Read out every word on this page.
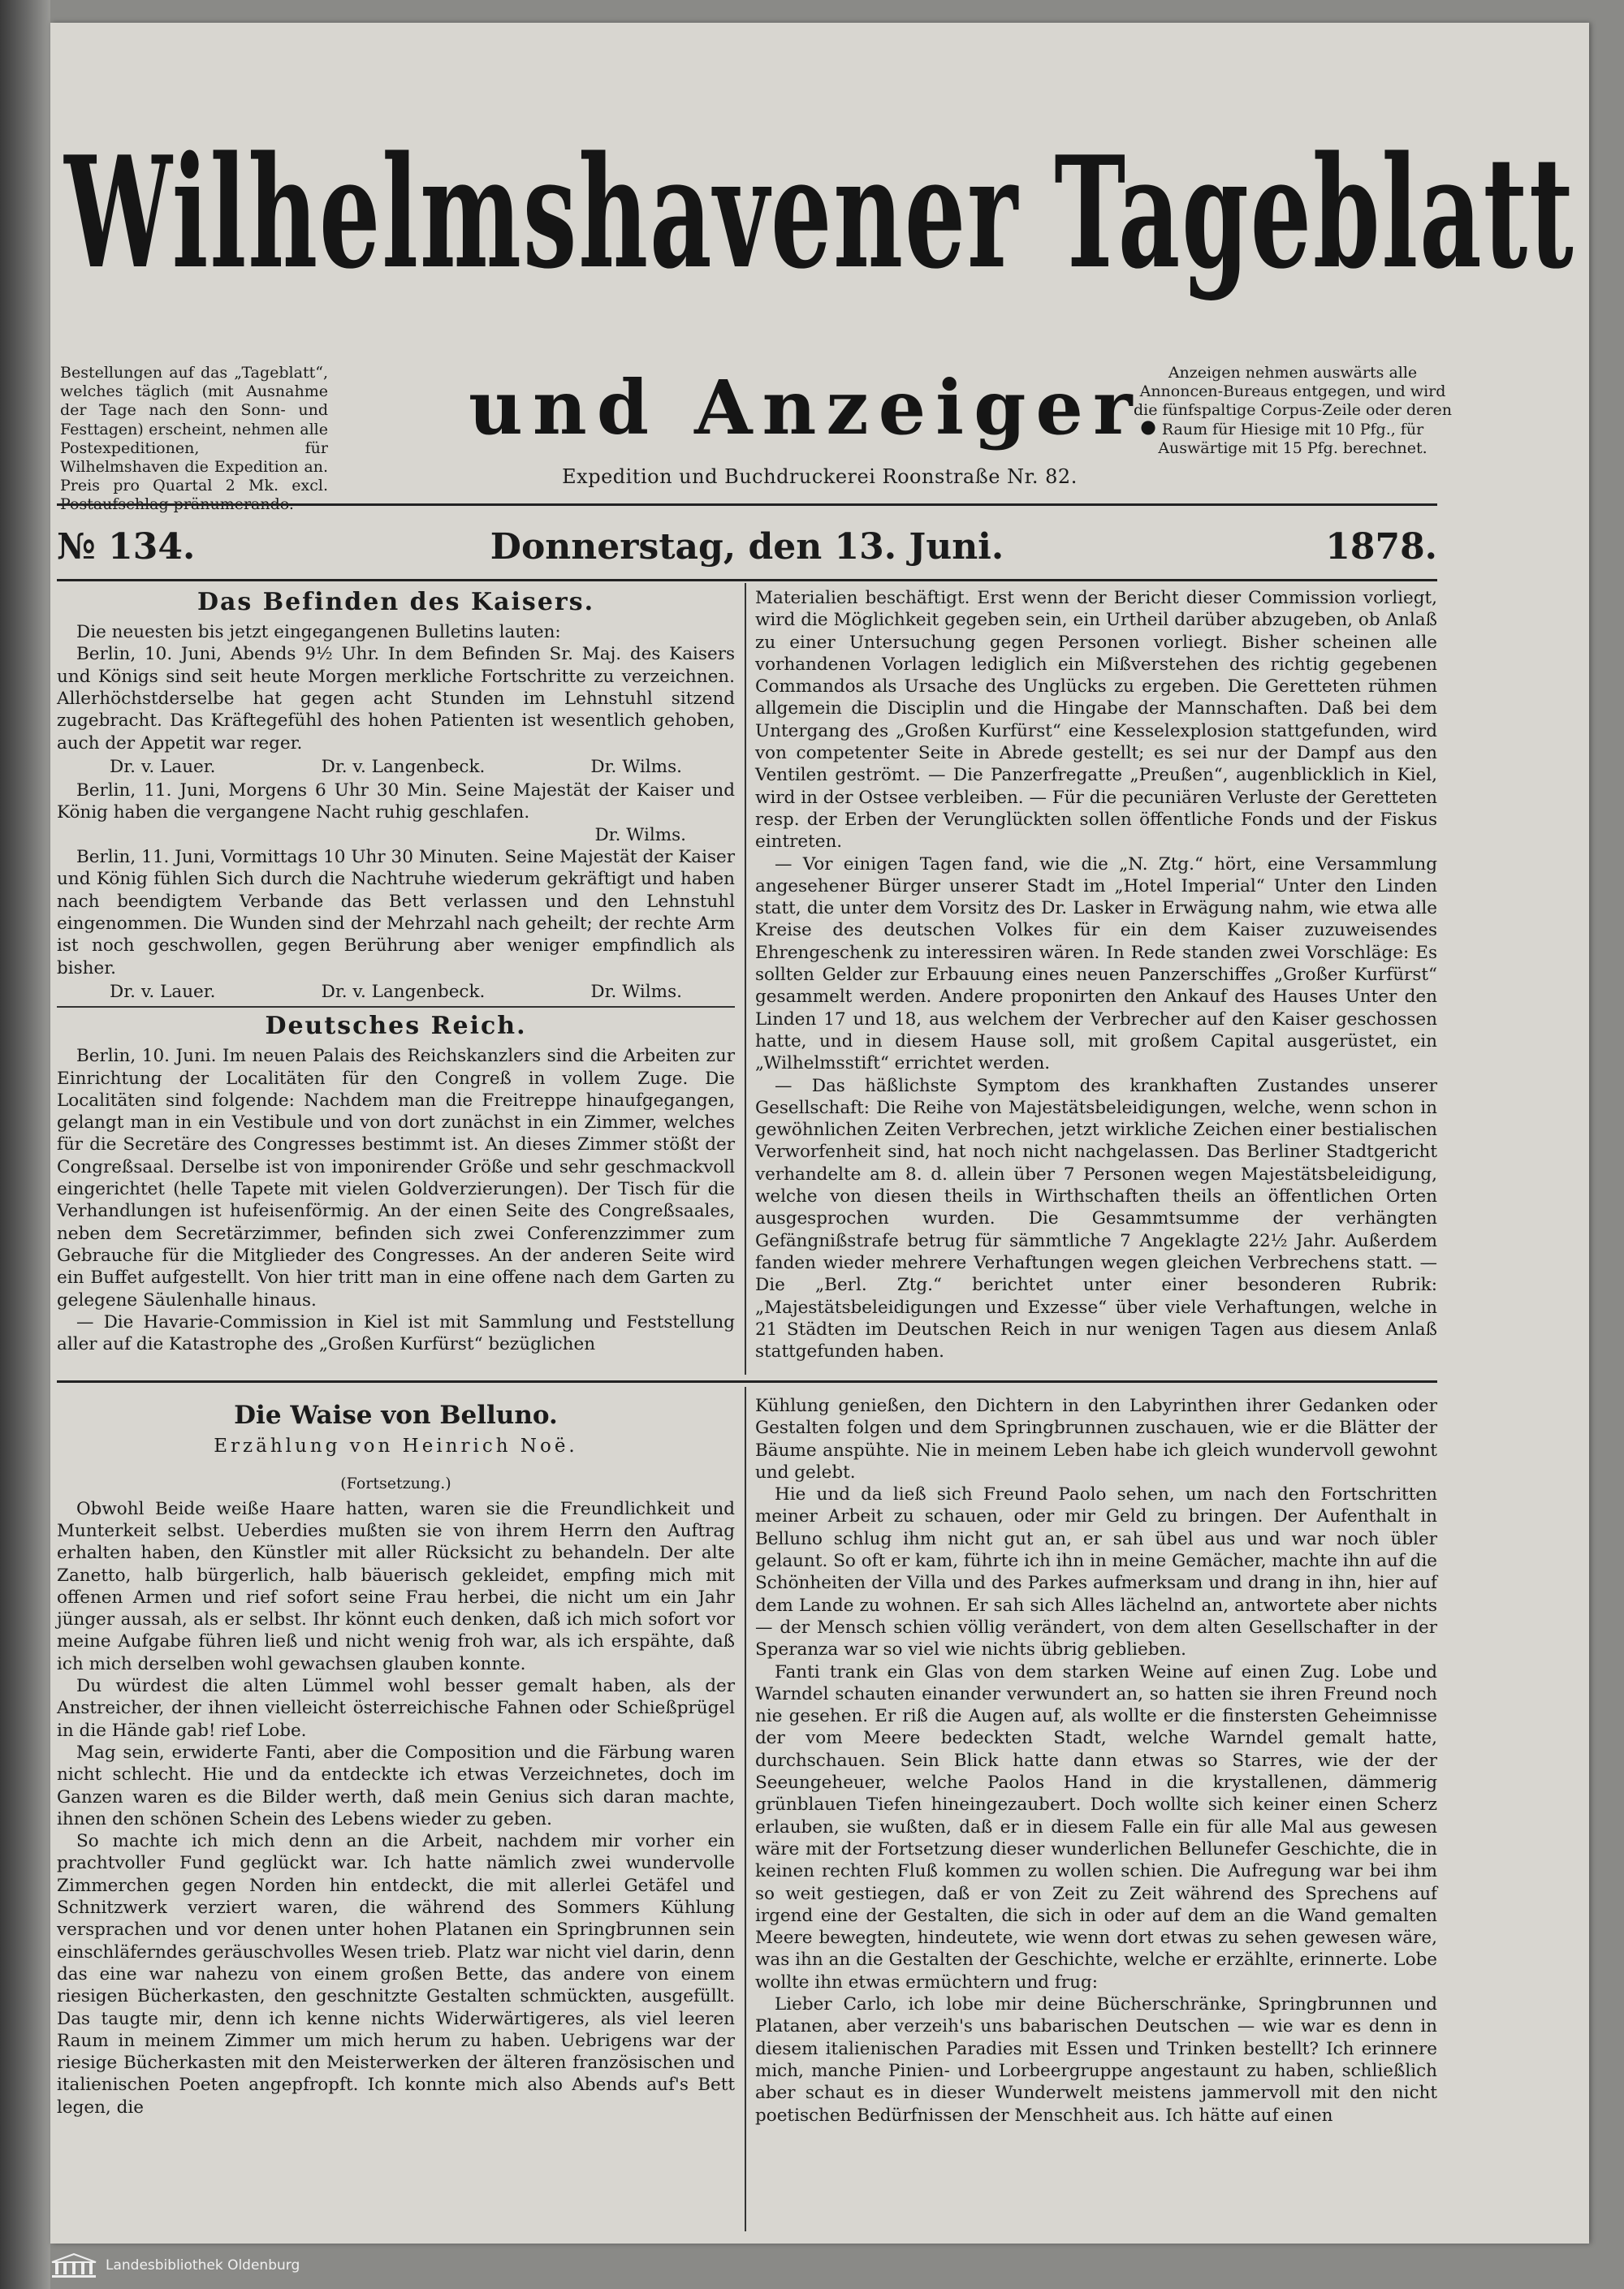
Wilhelmshavener Tageblatt
und Anzeiger.
Expedition und Buchdruckerei Roonstraße Nr. 82.
Bestellungen auf das „Tageblatt“, welches täglich (mit Ausnahme der Tage nach den Sonn- und Festtagen) erscheint, nehmen alle Postexpeditionen, für Wilhelmshaven die Expedition an. Preis pro Quartal 2 Mk. excl. Postaufschlag pränumerando.
Anzeigen nehmen auswärts alle Annoncen-Bureaus entgegen, und wird die fünfspaltige Corpus-Zeile oder deren Raum für Hiesige mit 10 Pfg., für Auswärtige mit 15 Pfg. berechnet.
№ 134.	Donnerstag, den 13. Juni.	1878.
Das Befinden des Kaisers.

Die neuesten bis jetzt eingegangenen Bulletins lauten:

Berlin, 10. Juni, Abends 9½ Uhr. In dem Befinden Sr. Maj. des Kaisers und Königs sind seit heute Morgen merkliche Fortschritte zu verzeichnen. Allerhöchstderselbe hat gegen acht Stunden im Lehnstuhl sitzend zugebracht. Das Kräftegefühl des hohen Patienten ist wesentlich gehoben, auch der Appetit war reger.

Dr. v. Lauer.	Dr. v. Langenbeck.	Dr. Wilms.

Berlin, 11. Juni, Morgens 6 Uhr 30 Min. Seine Majestät der Kaiser und König haben die vergangene Nacht ruhig geschlafen.

Dr. Wilms.

Berlin, 11. Juni, Vormittags 10 Uhr 30 Minuten. Seine Majestät der Kaiser und König fühlen Sich durch die Nachtruhe wiederum gekräftigt und haben nach beendigtem Verbande das Bett verlassen und den Lehnstuhl eingenommen. Die Wunden sind der Mehrzahl nach geheilt; der rechte Arm ist noch geschwollen, gegen Berührung aber weniger empfindlich als bisher.

Dr. v. Lauer.	Dr. v. Langenbeck.	Dr. Wilms.
Deutsches Reich.

Berlin, 10. Juni. Im neuen Palais des Reichskanzlers sind die Arbeiten zur Einrichtung der Localitäten für den Congreß in vollem Zuge. Die Localitäten sind folgende: Nachdem man die Freitreppe hinaufgegangen, gelangt man in ein Vestibule und von dort zunächst in ein Zimmer, welches für die Secretäre des Congresses bestimmt ist. An dieses Zimmer stößt der Congreßsaal. Derselbe ist von imponirender Größe und sehr geschmackvoll eingerichtet (helle Tapete mit vielen Goldverzierungen). Der Tisch für die Verhandlungen ist hufeisenförmig. An der einen Seite des Congreßsaales, neben dem Secretärzimmer, befinden sich zwei Conferenzzimmer zum Gebrauche für die Mitglieder des Congresses. An der anderen Seite wird ein Buffet aufgestellt. Von hier tritt man in eine offene nach dem Garten zu gelegene Säulenhalle hinaus.

— Die Havarie-Commission in Kiel ist mit Sammlung und Feststellung aller auf die Katastrophe des „Großen Kurfürst“ bezüglichen

Materialien beschäftigt. Erst wenn der Bericht dieser Commission vorliegt, wird die Möglichkeit gegeben sein, ein Urtheil darüber abzugeben, ob Anlaß zu einer Untersuchung gegen Personen vorliegt. Bisher scheinen alle vorhandenen Vorlagen lediglich ein Mißverstehen des richtig gegebenen Commandos als Ursache des Unglücks zu ergeben. Die Geretteten rühmen allgemein die Disciplin und die Hingabe der Mannschaften. Daß bei dem Untergang des „Großen Kurfürst“ eine Kesselexplosion stattgefunden, wird von competenter Seite in Abrede gestellt; es sei nur der Dampf aus den Ventilen geströmt. — Die Panzerfregatte „Preußen“, augenblicklich in Kiel, wird in der Ostsee verbleiben. — Für die pecuniären Verluste der Geretteten resp. der Erben der Verunglückten sollen öffentliche Fonds und der Fiskus eintreten.

— Vor einigen Tagen fand, wie die „N. Ztg.“ hört, eine Versammlung angesehener Bürger unserer Stadt im „Hotel Imperial“ Unter den Linden statt, die unter dem Vorsitz des Dr. Lasker in Erwägung nahm, wie etwa alle Kreise des deutschen Volkes für ein dem Kaiser zuzuweisendes Ehrengeschenk zu interessiren wären. In Rede standen zwei Vorschläge: Es sollten Gelder zur Erbauung eines neuen Panzerschiffes „Großer Kurfürst“ gesammelt werden. Andere proponirten den Ankauf des Hauses Unter den Linden 17 und 18, aus welchem der Verbrecher auf den Kaiser geschossen hatte, und in diesem Hause soll, mit großem Capital ausgerüstet, ein „Wilhelmsstift“ errichtet werden.

— Das häßlichste Symptom des krankhaften Zustandes unserer Gesellschaft: Die Reihe von Majestätsbeleidigungen, welche, wenn schon in gewöhnlichen Zeiten Verbrechen, jetzt wirkliche Zeichen einer bestialischen Verworfenheit sind, hat noch nicht nachgelassen. Das Berliner Stadtgericht verhandelte am 8. d. allein über 7 Personen wegen Majestätsbeleidigung, welche von diesen theils in Wirthschaften theils an öffentlichen Orten ausgesprochen wurden. Die Gesammtsumme der verhängten Gefängnißstrafe betrug für sämmtliche 7 Angeklagte 22½ Jahr. Außerdem fanden wieder mehrere Verhaftungen wegen gleichen Verbrechens statt. — Die „Berl. Ztg.“ berichtet unter einer besonderen Rubrik: „Majestätsbeleidigungen und Exzesse“ über viele Verhaftungen, welche in 21 Städten im Deutschen Reich in nur wenigen Tagen aus diesem Anlaß stattgefunden haben.

Die Waise von Belluno.
Erzählung von Heinrich Noë.
(Fortsetzung.)

Obwohl Beide weiße Haare hatten, waren sie die Freundlichkeit und Munterkeit selbst. Ueberdies mußten sie von ihrem Herrn den Auftrag erhalten haben, den Künstler mit aller Rücksicht zu behandeln. Der alte Zanetto, halb bürgerlich, halb bäuerisch gekleidet, empfing mich mit offenen Armen und rief sofort seine Frau herbei, die nicht um ein Jahr jünger aussah, als er selbst. Ihr könnt euch denken, daß ich mich sofort vor meine Aufgabe führen ließ und nicht wenig froh war, als ich erspähte, daß ich mich derselben wohl gewachsen glauben konnte.

Du würdest die alten Lümmel wohl besser gemalt haben, als der Anstreicher, der ihnen vielleicht österreichische Fahnen oder Schießprügel in die Hände gab! rief Lobe.

Mag sein, erwiderte Fanti, aber die Composition und die Färbung waren nicht schlecht. Hie und da entdeckte ich etwas Verzeichnetes, doch im Ganzen waren es die Bilder werth, daß mein Genius sich daran machte, ihnen den schönen Schein des Lebens wieder zu geben.

So machte ich mich denn an die Arbeit, nachdem mir vorher ein prachtvoller Fund geglückt war. Ich hatte nämlich zwei wundervolle Zimmerchen gegen Norden hin entdeckt, die mit allerlei Getäfel und Schnitzwerk verziert waren, die während des Sommers Kühlung versprachen und vor denen unter hohen Platanen ein Springbrunnen sein einschläferndes geräuschvolles Wesen trieb. Platz war nicht viel darin, denn das eine war nahezu von einem großen Bette, das andere von einem riesigen Bücherkasten, den geschnitzte Gestalten schmückten, ausgefüllt. Das taugte mir, denn ich kenne nichts Widerwärtigeres, als viel leeren Raum in meinem Zimmer um mich herum zu haben. Uebrigens war der riesige Bücherkasten mit den Meisterwerken der älteren französischen und italienischen Poeten angepfropft. Ich konnte mich also Abends auf's Bett legen, die

Kühlung genießen, den Dichtern in den Labyrinthen ihrer Gedanken oder Gestalten folgen und dem Springbrunnen zuschauen, wie er die Blätter der Bäume anspühte. Nie in meinem Leben habe ich gleich wundervoll gewohnt und gelebt.

Hie und da ließ sich Freund Paolo sehen, um nach den Fortschritten meiner Arbeit zu schauen, oder mir Geld zu bringen. Der Aufenthalt in Belluno schlug ihm nicht gut an, er sah übel aus und war noch übler gelaunt. So oft er kam, führte ich ihn in meine Gemächer, machte ihn auf die Schönheiten der Villa und des Parkes aufmerksam und drang in ihn, hier auf dem Lande zu wohnen. Er sah sich Alles lächelnd an, antwortete aber nichts — der Mensch schien völlig verändert, von dem alten Gesellschafter in der Speranza war so viel wie nichts übrig geblieben.

Fanti trank ein Glas von dem starken Weine auf einen Zug. Lobe und Warndel schauten einander verwundert an, so hatten sie ihren Freund noch nie gesehen. Er riß die Augen auf, als wollte er die finstersten Geheimnisse der vom Meere bedeckten Stadt, welche Warndel gemalt hatte, durchschauen. Sein Blick hatte dann etwas so Starres, wie der der Seeungeheuer, welche Paolos Hand in die krystallenen, dämmerig grünblauen Tiefen hineingezaubert. Doch wollte sich keiner einen Scherz erlauben, sie wußten, daß er in diesem Falle ein für alle Mal aus gewesen wäre mit der Fortsetzung dieser wunderlichen Bellunefer Geschichte, die in keinen rechten Fluß kommen zu wollen schien. Die Aufregung war bei ihm so weit gestiegen, daß er von Zeit zu Zeit während des Sprechens auf irgend eine der Gestalten, die sich in oder auf dem an die Wand gemalten Meere bewegten, hindeutete, wie wenn dort etwas zu sehen gewesen wäre, was ihn an die Gestalten der Geschichte, welche er erzählte, erinnerte. Lobe wollte ihn etwas ermüchtern und frug:

Lieber Carlo, ich lobe mir deine Bücherschränke, Springbrunnen und Platanen, aber verzeih's uns babarischen Deutschen — wie war es denn in diesem italienischen Paradies mit Essen und Trinken bestellt? Ich erinnere mich, manche Pinien- und Lorbeergruppe angestaunt zu haben, schließlich aber schaut es in dieser Wunderwelt meistens jammervoll mit den nicht poetischen Bedürfnissen der Menschheit aus. Ich hätte auf einen

Landesbibliothek Oldenburg
